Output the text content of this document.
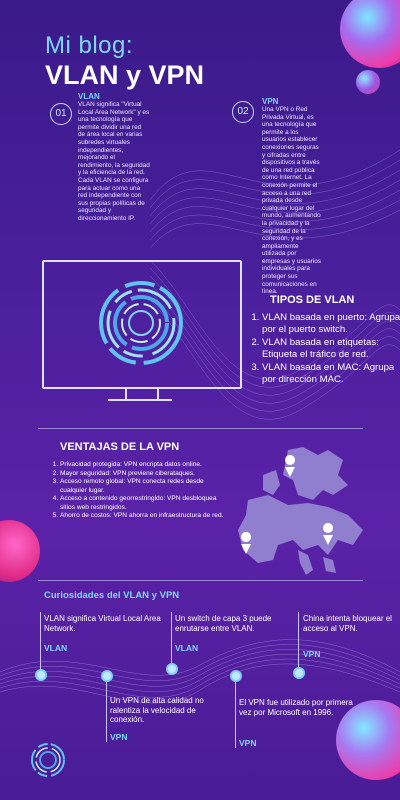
Mi blog:
VLAN y VPN
01
VLAN
VLAN significa "Virtual Local Area Network" y es una tecnología que permite dividir una red de área local en varias subredes virtuales independientes, mejorando el rendimiento, la seguridad y la eficiencia de la red. Cada VLAN se configura para actuar como una red independiente con sus propias políticas de seguridad y direccionamiento IP.
02
VPN
Una VPN o Red Privada Virtual, es una tecnología que permite a los usuarios establecer conexiones seguras y cifradas entre dispositivos a través de una red pública como Internet. La conexión permite el acceso a una red privada desde cualquier lugar del mundo, aumentando la privacidad y la seguridad de la conexión, y es ampliamente utilizada por empresas y usuarios individuales para proteger sus comunicaciones en línea.
TIPOS DE VLAN
1. VLAN basada en puerto: Agrupa por el puerto switch.
2. VLAN basada en etiquetas: Etiqueta el tráfico de red.
3. VLAN basada en MAC: Agrupa por dirección MAC.
VENTAJAS DE LA VPN
1. Privacidad protegida: VPN encripta datos online.
2. Mayor seguridad: VPN previene ciberataques.
3. Acceso remoto global: VPN conecta redes desde cualquier lugar.
4. Acceso a contenido georrestringido: VPN desbloquea sitios web restringidos.
5. Ahorro de costos: VPN ahorra en infraestructura de red.
Curiosidades del VLAN y VPN
VLAN significa Virtual Local Area Network.
VLAN
Un VPN de alta calidad no ralentiza la velocidad de conexión.
VPN
Un switch de capa 3 puede enrutarse entre VLAN.
VLAN
El VPN fue utilizado por primera vez por Microsoft en 1996.
VPN
China intenta bloquear el acceso al VPN.
VPN
